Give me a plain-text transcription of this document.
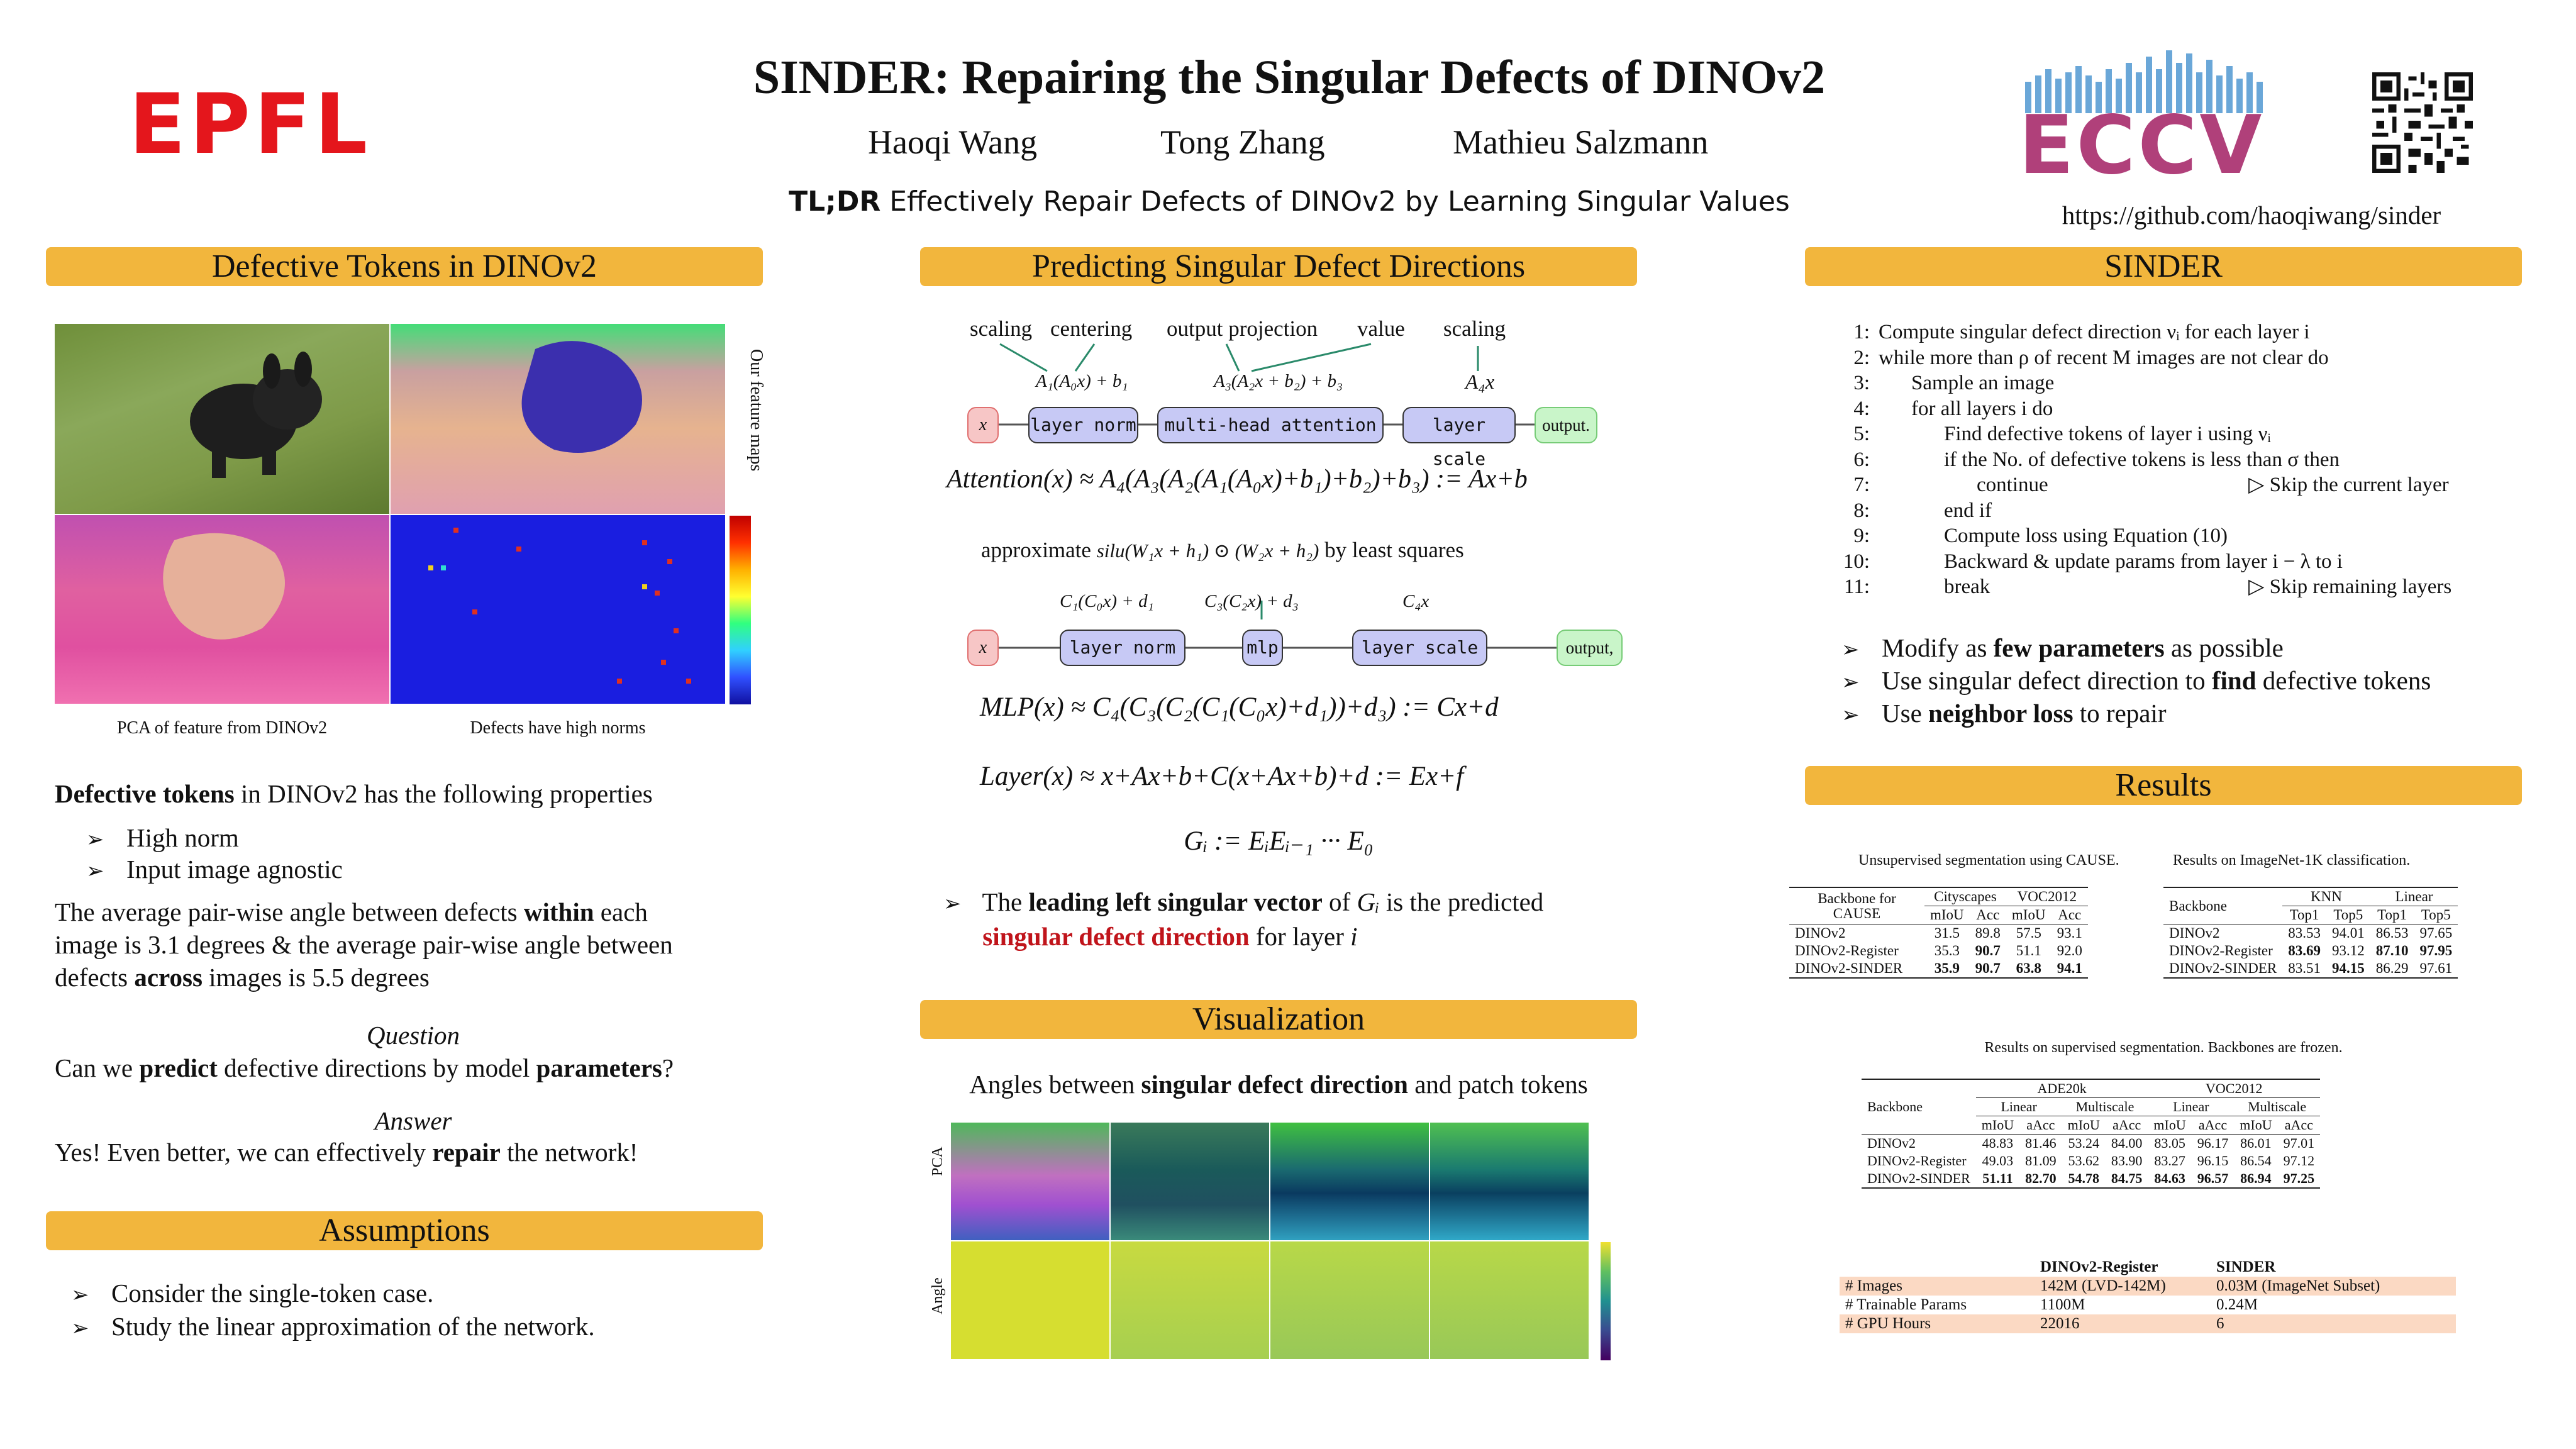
EPFL	SINDER: Repairing the Singular Defects of DINOv2
Haoqi Wang	Tong Zhang	Mathieu Salzmann
TL;DR Effectively Repair Defects of DINOv2 by Learning Singular Values
ECCV
https://github.com/haoqiwang/sinder
Defective Tokens in DINOv2
Our feature maps
PCA of feature from DINOv2	Defects have high norms
Defective tokens in DINOv2 has the following properties
➢ High norm
➢ Input image agnostic
The average pair-wise angle between defects within each
image is 3.1 degrees & the average pair-wise angle between
defects across images is 5.5 degrees
Question
Can we predict defective directions by model parameters?
Answer
Yes! Even better, we can effectively repair the network!
Assumptions
➢ Consider the single-token case.
➢ Study the linear approximation of the network.
Predicting Singular Defect Directions
scaling centering output projection value scaling
A₁(A₀x) + b₁	A₃(A₂x + b₂) + b₃	A₄x
x	layer norm	multi-head attention	layer scale
output.
Attention(x) ≈ A₄(A₃(A₂(A₁(A₀x)+b₁)+b₂)+b₃) := Ax+b
approximate silu(W₁x + h₁) ⊙ (W₂x + h₂) by least squares
C₁(C₀x) + d₁	C₃(C₂x) + d₃	C₄x
x	layer norm	mlp	layer scale	output,
MLP(x) ≈ C₄(C₃(C₂(C₁(C₀x)+d₁))+d₃) := Cx+d
Layer(x) ≈ x+Ax+b+C(x+Ax+b)+d := Ex+f
Gᵢ := EᵢEᵢ₋₁ ··· E₀
➢ The leading left singular vector of Gᵢ is the predicted
singular defect direction for layer i
Visualization
Angles between singular defect direction and patch tokens
PCA
Angle
SINDER
1: Compute singular defect direction νᵢ for each layer i
2: while more than ρ of recent M images are not clear do
3: Sample an image
4: for all layers i do
5:	Find defective tokens of layer i using νᵢ
6:	if the No. of defective tokens is less than σ then
7:	continue	▷ Skip the current layer
8:	end if
9:	Compute loss using Equation (10)
10:	Backward & update params from layer i − λ to i
11:	break	▷ Skip remaining layers
➢ Modify as few parameters as possible
➢ Use singular defect direction to find defective tokens
➢ Use neighbor loss to repair
Results
Unsupervised segmentation using CAUSE.
Backbone for CAUSE	Cityscapes		VOC2012	
	mIoU	Acc	mIoU	Acc
DINOv2	31.5	89.8	57.5	93.1
DINOv2-Register	35.3	90.7	51.1	92.0
DINOv2-SINDER	35.9	90.7	63.8	94.1
Results on ImageNet-1K classification.
Backbone	KNN		Linear	
	Top1	Top5	Top1	Top5
DINOv2	83.53	94.01	86.53	97.65
DINOv2-Register	83.69	93.12	87.10	97.95
DINOv2-SINDER	83.51	94.15	86.29	97.61
Results on supervised segmentation. Backbones are frozen.
Backbone	ADE20k				VOC2012			
	Linear		Multiscale		Linear		Multiscale	
	mIoU	aAcc	mIoU	aAcc	mIoU	aAcc	mIoU	aAcc
DINOv2	48.83	81.46	53.24	84.00	83.05	96.17	86.01	97.01
DINOv2-Register	49.03	81.09	53.62	83.90	83.27	96.15	86.54	97.12
DINOv2-SINDER	51.11	82.70	54.78	84.75	84.63	96.57	86.94	97.25
	DINOv2-Register	SINDER
# Images	142M (LVD-142M)	0.03M (ImageNet Subset)
# Trainable Params	1100M	0.24M
# GPU Hours	22016	6
